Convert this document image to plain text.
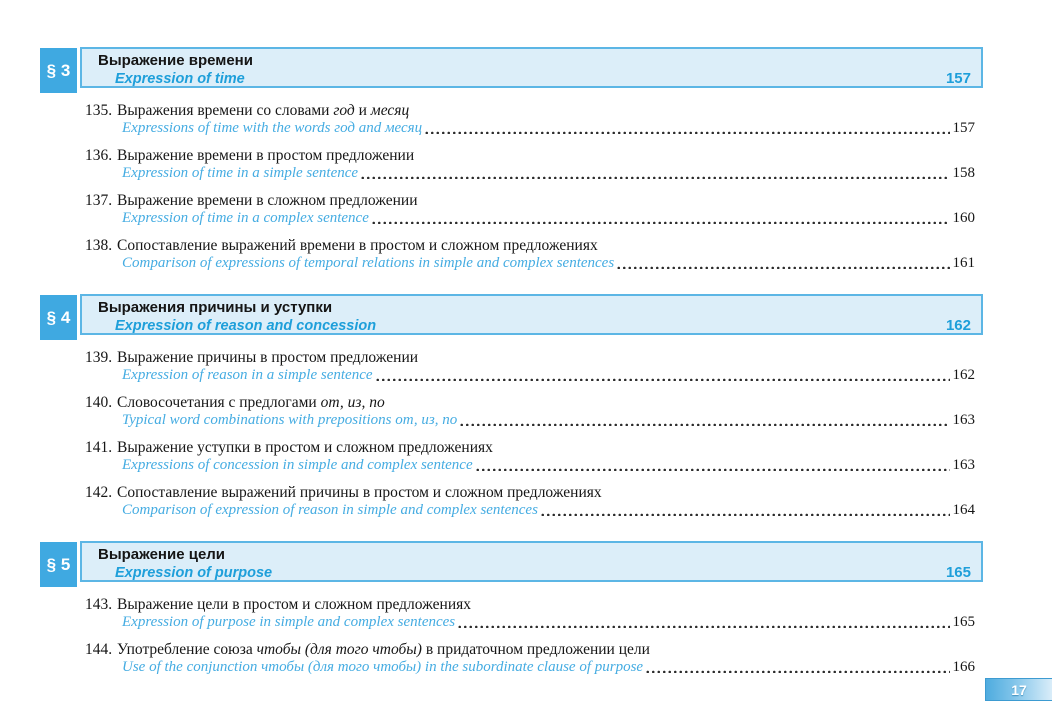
§ 3	Выражение времени
Expression of time	157
135. Выражения времени со словами год и месяц
Expressions of time with the words год and месяц	157
136. Выражение времени в простом предложении
Expression of time in a simple sentence	158
137. Выражение времени в сложном предложении
Expression of time in a complex sentence	160
138. Сопоставление выражений времени в простом и сложном предложениях
Comparison of expressions of temporal relations in simple and complex sentences	161
§ 4	Выражения причины и уступки
Expression of reason and concession	162
139. Выражение причины в простом предложении
Expression of reason in a simple sentence	162
140. Словосочетания с предлогами от, из, по
Typical word combinations with prepositions от, из, по	163
141. Выражение уступки в простом и сложном предложениях
Expressions of concession in simple and complex sentence	163
142. Сопоставление выражений причины в простом и сложном предложениях
Comparison of expression of reason in simple and complex sentences	164
§ 5	Выражение цели
Expression of purpose	165
143. Выражение цели в простом и сложном предложениях
Expression of purpose in simple and complex sentences	165
144. Употребление союза чтобы (для того чтобы) в придаточном предложении цели
Use of the conjunction чтобы (для того чтобы) in the subordinate clause of purpose	166
17
